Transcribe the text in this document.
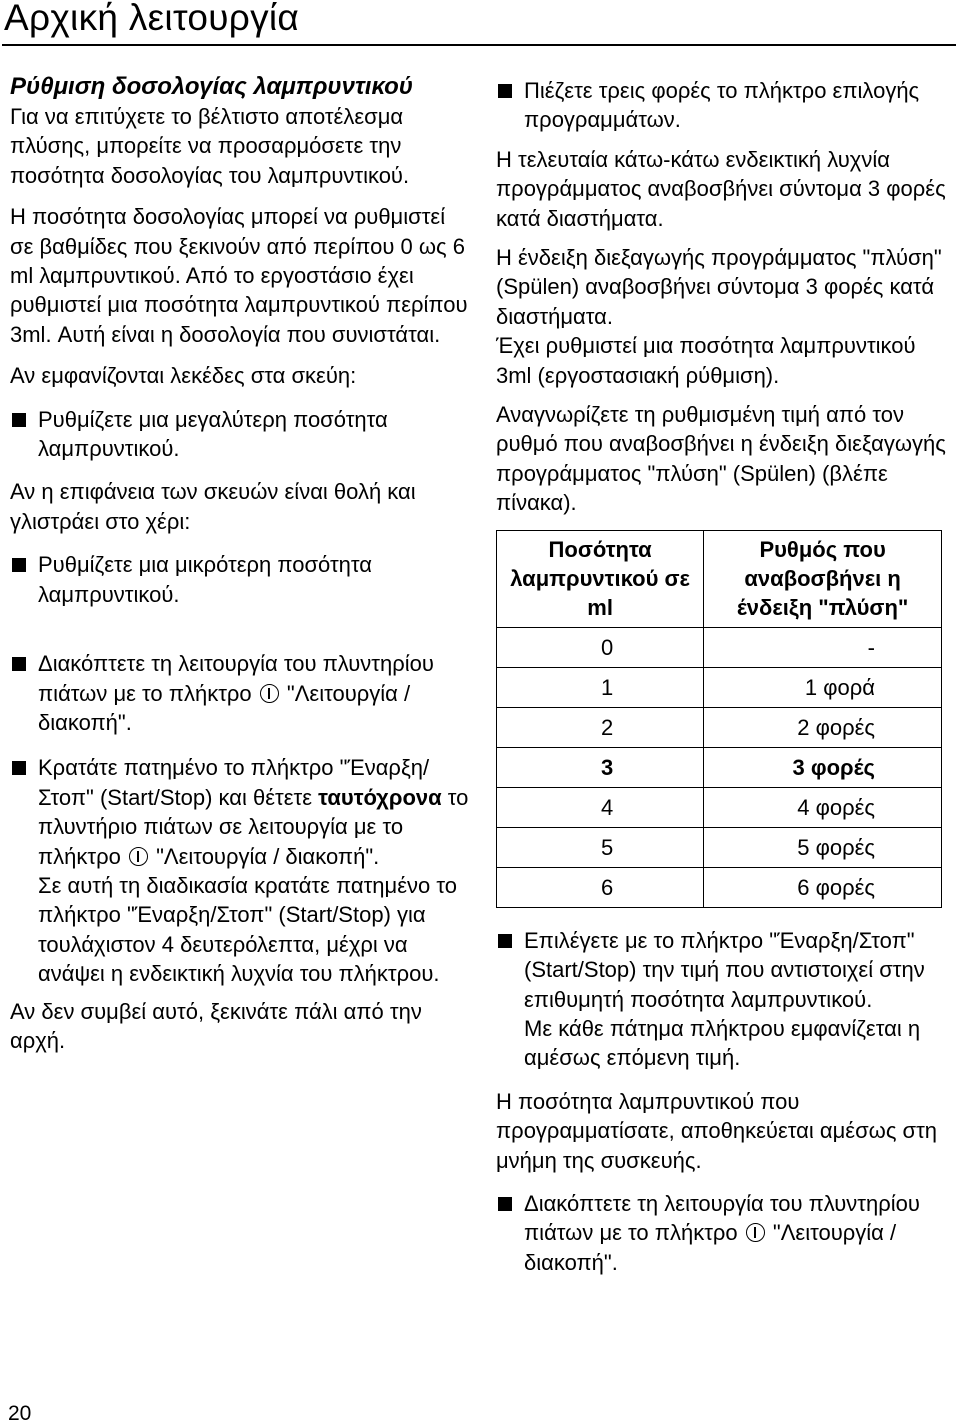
Αρχική λειτουργία

Ρύθμιση δοσολογίας λαμπρυντικού

Για να επιτύχετε το βέλτιστο αποτέλεσμα πλύσης, μπορείτε να προσαρμόσετε την ποσότητα δοσολογίας του λαμπρυντικού.

Η ποσότητα δοσολογίας μπορεί να ρυθμιστεί σε βαθμίδες που ξεκινούν από περίπου 0 ως 6 ml λαμπρυντικού. Από το εργοστάσιο έχει ρυθμιστεί μια ποσότητα λαμπρυντικού περίπου 3ml. Αυτή είναι η δοσολογία που συνιστάται.

Αν εμφανίζονται λεκέδες στα σκεύη:

Ρυθμίζετε μια μεγαλύτερη ποσότητα λαμπρυντικού.

Αν η επιφάνεια των σκευών είναι θολή και γλιστράει στο χέρι:

Ρυθμίζετε μια μικρότερη ποσότητα λαμπρυντικού.
Διακόπτετε τη λειτουργία του πλυντηρίου πιάτων με το πλήκτρο "Λειτουργία / διακοπή".
Κρατάτε πατημένο το πλήκτρο "Έναρξη/Στοπ" (Start/Stop) και θέτετε ταυτόχρονα το πλυντήριο πιάτων σε λειτουργία με το πλήκτρο "Λειτουργία / διακοπή".
Σε αυτή τη διαδικασία κρατάτε πατημένο το πλήκτρο "Έναρξη/Στοπ" (Start/Stop) για τουλάχιστον 4 δευτερόλεπτα, μέχρι να ανάψει η ενδεικτική λυχνία του πλήκτρου.

Αν δεν συμβεί αυτό, ξεκινάτε πάλι από την αρχή.

Πιέζετε τρεις φορές το πλήκτρο επιλογής προγραμμάτων.

Η τελευταία κάτω-κάτω ενδεικτική λυχνία προγράμματος αναβοσβήνει σύντομα 3 φορές κατά διαστήματα.

Η ένδειξη διεξαγωγής προγράμματος "πλύση" (Spülen) αναβοσβήνει σύντομα 3 φορές κατά διαστήματα.

Έχει ρυθμιστεί μια ποσότητα λαμπρυντικού 3ml (εργοστασιακή ρύθμιση).

Αναγνωρίζετε τη ρυθμισμένη τιμή από τον ρυθμό που αναβοσβήνει η ένδειξη διεξαγωγής προγράμματος "πλύση" (Spülen) (βλέπε πίνακα).

Ποσότητα λαμπρυντικού σε ml	Ρυθμός που αναβοσβήνει η ένδειξη "πλύση"
0	-
1	1 φορά
2	2 φορές
3	3 φορές
4	4 φορές
5	5 φορές
6	6 φορές
Επιλέγετε με το πλήκτρο "Έναρξη/Στοπ" (Start/Stop) την τιμή που αντιστοιχεί στην επιθυμητή ποσότητα λαμπρυντικού.
Με κάθε πάτημα πλήκτρου εμφανίζεται η αμέσως επόμενη τιμή.

Η ποσότητα λαμπρυντικού που προγραμματίσατε, αποθηκεύεται αμέσως στη μνήμη της συσκευής.

Διακόπτετε τη λειτουργία του πλυντηρίου πιάτων με το πλήκτρο "Λειτουργία / διακοπή".
20
